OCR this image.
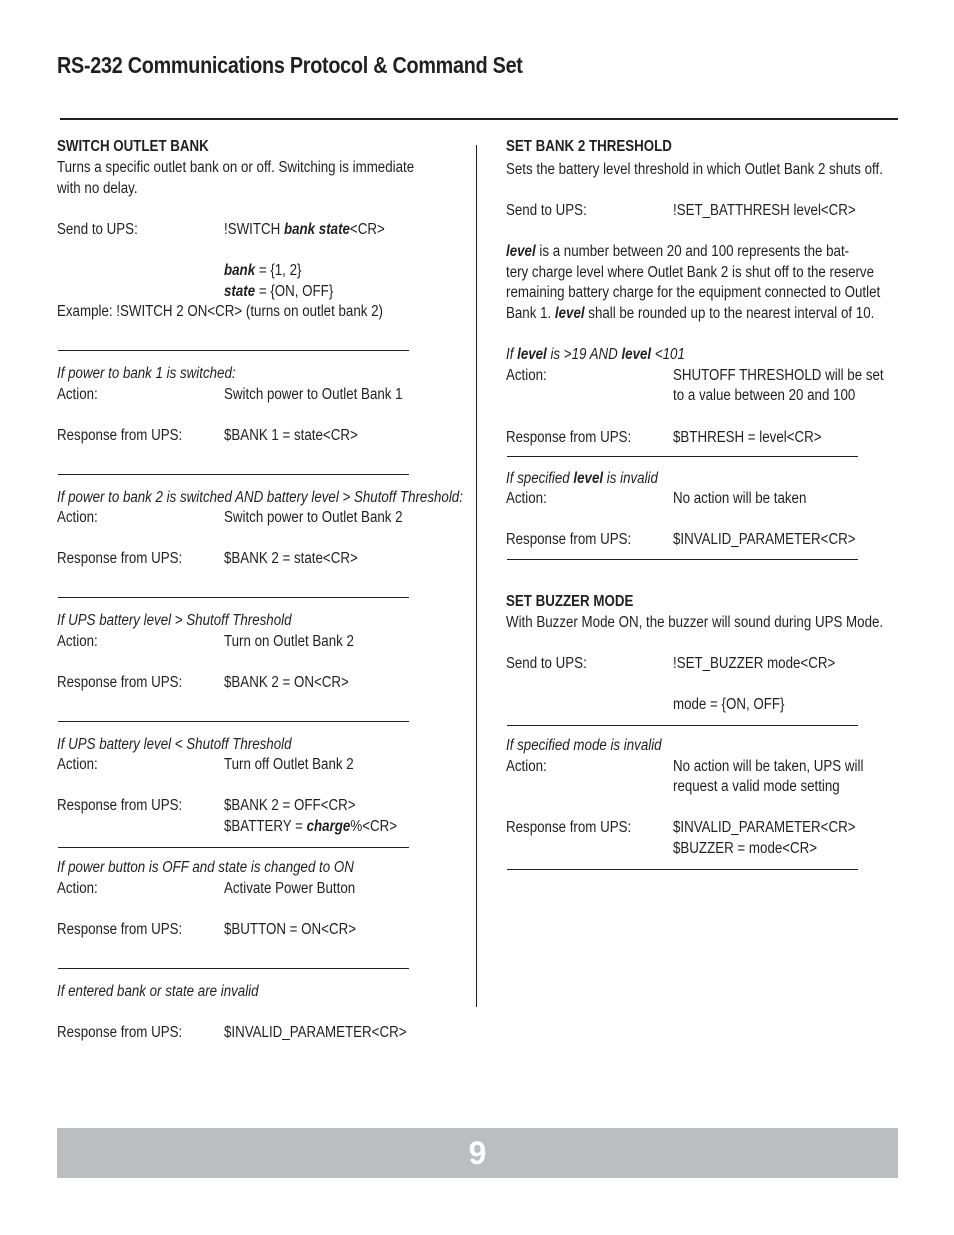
RS-232 Communications Protocol & Command Set
SWITCH OUTLET BANK
Turns a specific outlet bank on or off. Switching is immediate
with no delay.
Send to UPS:	!SWITCH bank state<CR>
bank = {1, 2}
state = {ON, OFF}
Example: !SWITCH 2 ON<CR> (turns on outlet bank 2)
If power to bank 1 is switched:
Action:	Switch power to Outlet Bank 1
Response from UPS:	$BANK 1 = state<CR>
If power to bank 2 is switched AND battery level > Shutoff Threshold:
Action:	Switch power to Outlet Bank 2
Response from UPS:	$BANK 2 = state<CR>
If UPS battery level > Shutoff Threshold
Action:	Turn on Outlet Bank 2
Response from UPS:	$BANK 2 = ON<CR>
If UPS battery level < Shutoff Threshold
Action:	Turn off Outlet Bank 2
Response from UPS:	$BANK 2 = OFF<CR>
$BATTERY = charge%<CR>
If power button is OFF and state is changed to ON
Action:	Activate Power Button
Response from UPS:	$BUTTON = ON<CR>
If entered bank or state are invalid
Response from UPS:	$INVALID_PARAMETER<CR>
SET BANK 2 THRESHOLD
Sets the battery level threshold in which Outlet Bank 2 shuts off.
Send to UPS:	!SET_BATTHRESH level<CR>
level is a number between 20 and 100 represents the bat-
tery charge level where Outlet Bank 2 is shut off to the reserve
remaining battery charge for the equipment connected to Outlet
Bank 1. level shall be rounded up to the nearest interval of 10.
If level is >19 AND level <101
Action:	SHUTOFF THRESHOLD will be set
to a value between 20 and 100
Response from UPS:	$BTHRESH = level<CR>
If specified level is invalid
Action:	No action will be taken
Response from UPS:	$INVALID_PARAMETER<CR>
SET BUZZER MODE
With Buzzer Mode ON, the buzzer will sound during UPS Mode.
Send to UPS:	!SET_BUZZER mode<CR>
mode = {ON, OFF}
If specified mode is invalid
Action:	No action will be taken, UPS will
request a valid mode setting
Response from UPS:	$INVALID_PARAMETER<CR>
$BUZZER = mode<CR>
9
